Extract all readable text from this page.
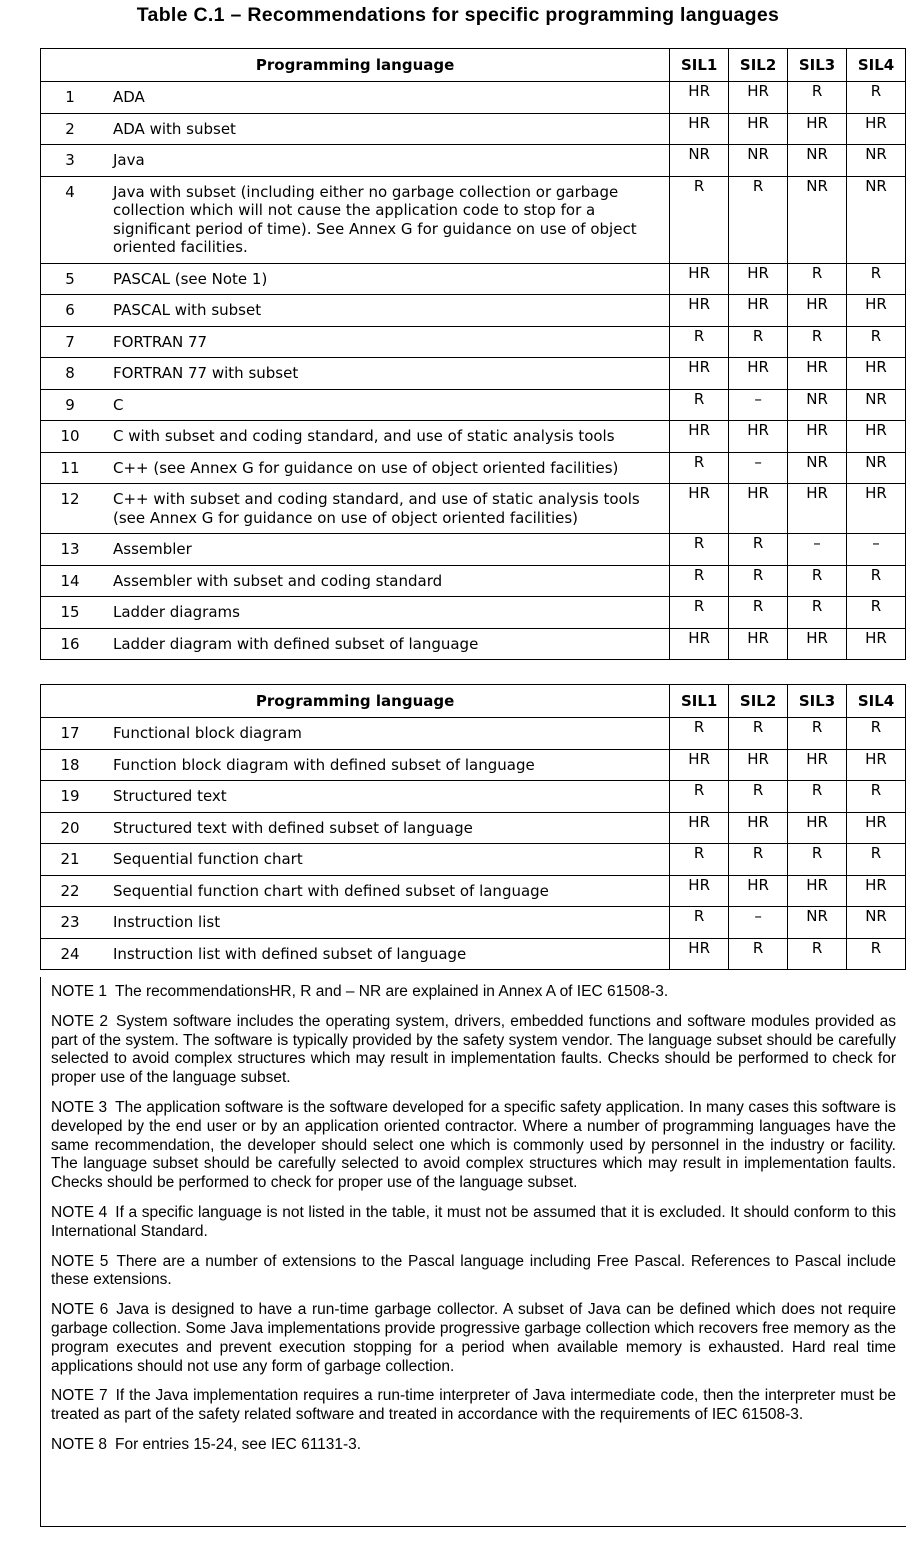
Table C.1 – Recommendations for specific programming languages
Programming language	SIL1	SIL2	SIL3	SIL4

1 ADA	HR	HR	R	R

2 ADA with subset	HR	HR	HR	HR

3 Java	NR	NR	NR	NR

4 Java with subset (including either no garbage collection or garbage collection which will not cause the application code to stop for a significant period of time). See Annex G for guidance on use of object oriented facilities.	R	R	NR	NR

5 PASCAL (see Note 1)	HR	HR	R	R

6 PASCAL with subset	HR	HR	HR	HR

7 FORTRAN 77	R	R	R	R

8 FORTRAN 77 with subset	HR	HR	HR	HR

9 C	R	–	NR	NR

10 C with subset and coding standard, and use of static analysis tools	HR	HR	HR	HR

11 C++ (see Annex G for guidance on use of object oriented facilities)	R	–	NR	NR

12 C++ with subset and coding standard, and use of static analysis tools (see Annex G for guidance on use of object oriented facilities)	HR	HR	HR	HR

13 Assembler	R	R	–	–

14 Assembler with subset and coding standard	R	R	R	R

15 Ladder diagrams	R	R	R	R

16 Ladder diagram with defined subset of language	HR	HR	HR	HR
Programming language	SIL1	SIL2	SIL3	SIL4

17 Functional block diagram	R	R	R	R

18 Function block diagram with defined subset of language	HR	HR	HR	HR

19 Structured text	R	R	R	R

20 Structured text with defined subset of language	HR	HR	HR	HR

21 Sequential function chart	R	R	R	R

22 Sequential function chart with defined subset of language	HR	HR	HR	HR

23 Instruction list	R	–	NR	NR

24 Instruction list with defined subset of language	HR	R	R	R

NOTE 1 The recommendationsHR, R and – NR are explained in Annex A of IEC 61508-3.

NOTE 2 System software includes the operating system, drivers, embedded functions and software modules provided as part of the system. The software is typically provided by the safety system vendor. The language subset should be carefully selected to avoid complex structures which may result in implementation faults. Checks should be performed to check for proper use of the language subset.

NOTE 3 The application software is the software developed for a specific safety application. In many cases this software is developed by the end user or by an application oriented contractor. Where a number of programming languages have the same recommendation, the developer should select one which is commonly used by personnel in the industry or facility. The language subset should be carefully selected to avoid complex structures which may result in implementation faults. Checks should be performed to check for proper use of the language subset.

NOTE 4 If a specific language is not listed in the table, it must not be assumed that it is excluded. It should conform to this International Standard.

NOTE 5 There are a number of extensions to the Pascal language including Free Pascal. References to Pascal include these extensions.

NOTE 6 Java is designed to have a run-time garbage collector. A subset of Java can be defined which does not require garbage collection. Some Java implementations provide progressive garbage collection which recovers free memory as the program executes and prevent execution stopping for a period when available memory is exhausted. Hard real time applications should not use any form of garbage collection.

NOTE 7 If the Java implementation requires a run-time interpreter of Java intermediate code, then the interpreter must be treated as part of the safety related software and treated in accordance with the requirements of IEC 61508-3.

NOTE 8 For entries 15-24, see IEC 61131-3.
